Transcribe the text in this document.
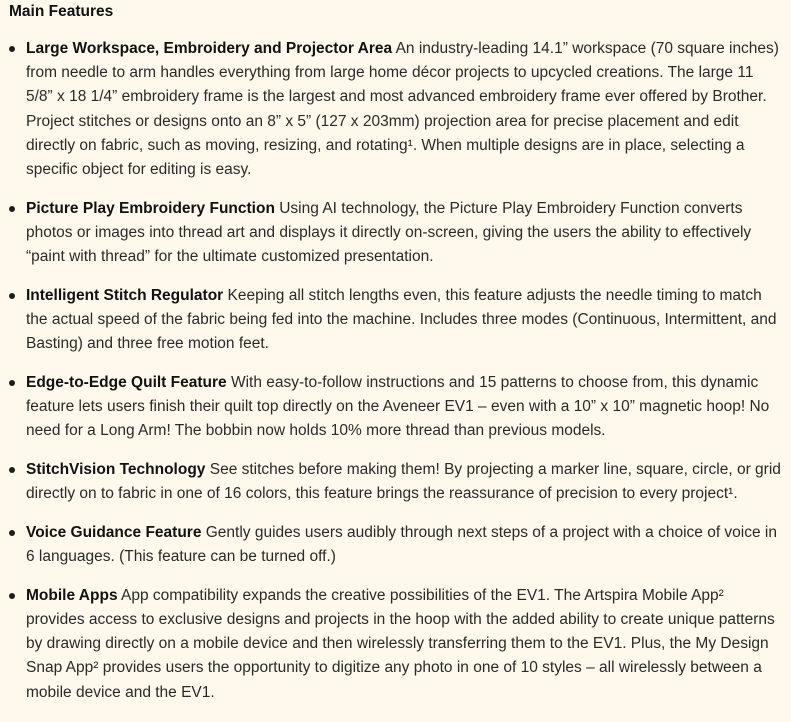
Main Features
Large Workspace, Embroidery and Projector Area An industry-leading 14.1” workspace (70 square inches) from needle to arm handles everything from large home décor projects to upcycled creations. The large 11 5/8” x 18 1/4” embroidery frame is the largest and most advanced embroidery frame ever offered by Brother. Project stitches or designs onto an 8” x 5” (127 x 203mm) projection area for precise placement and edit directly on fabric, such as moving, resizing, and rotating¹. When multiple designs are in place, selecting a specific object for editing is easy.
Picture Play Embroidery Function Using AI technology, the Picture Play Embroidery Function converts photos or images into thread art and displays it directly on-screen, giving the users the ability to effectively “paint with thread” for the ultimate customized presentation.
Intelligent Stitch Regulator Keeping all stitch lengths even, this feature adjusts the needle timing to match the actual speed of the fabric being fed into the machine. Includes three modes (Continuous, Intermittent, and Basting) and three free motion feet.
Edge-to-Edge Quilt Feature With easy-to-follow instructions and 15 patterns to choose from, this dynamic feature lets users finish their quilt top directly on the Aveneer EV1 – even with a 10” x 10” magnetic hoop! No need for a Long Arm! The bobbin now holds 10% more thread than previous models.
StitchVision Technology See stitches before making them! By projecting a marker line, square, circle, or grid directly on to fabric in one of 16 colors, this feature brings the reassurance of precision to every project¹.
Voice Guidance Feature Gently guides users audibly through next steps of a project with a choice of voice in 6 languages. (This feature can be turned off.)
Mobile Apps App compatibility expands the creative possibilities of the EV1. The Artspira Mobile App² provides access to exclusive designs and projects in the hoop with the added ability to create unique patterns by drawing directly on a mobile device and then wirelessly transferring them to the EV1. Plus, the My Design Snap App² provides users the opportunity to digitize any photo in one of 10 styles – all wirelessly between a mobile device and the EV1.
